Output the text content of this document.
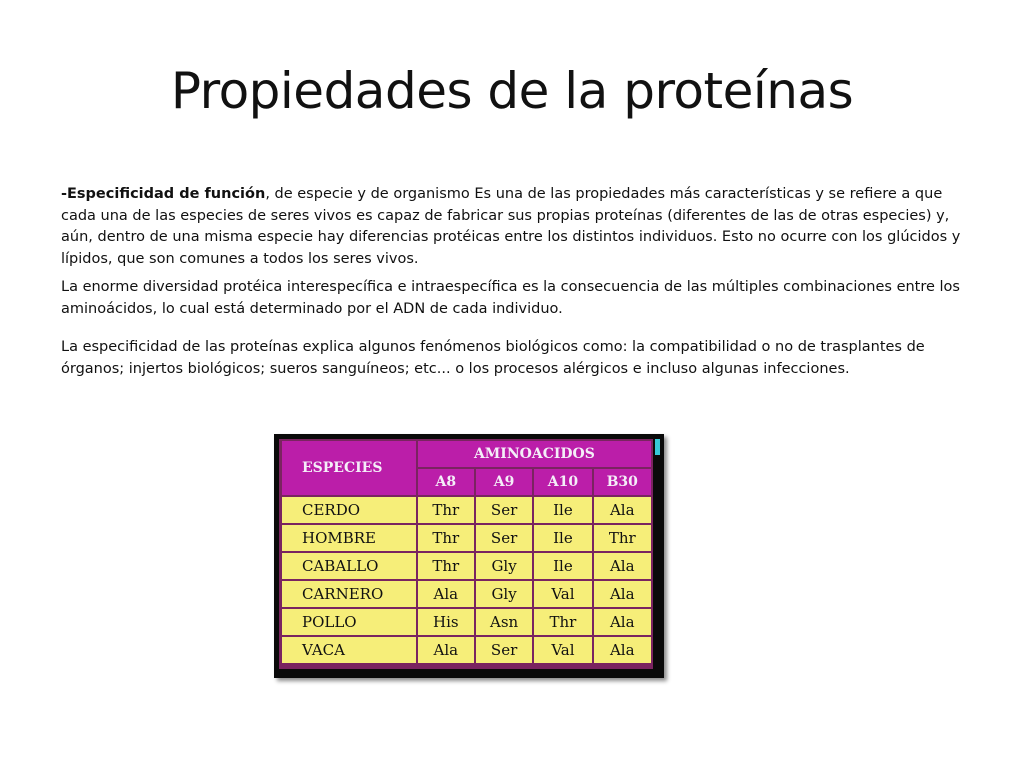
Propiedades de la proteínas

-Especificidad de función, de especie y de organismo Es una de las propiedades más características y se refiere a que cada una de las especies de seres vivos es capaz de fabricar sus propias proteínas (diferentes de las de otras especies) y, aún, dentro de una misma especie hay diferencias protéicas entre los distintos individuos. Esto no ocurre con los glúcidos y lípidos, que son comunes a todos los seres vivos.

La enorme diversidad protéica interespecífica e intraespecífica es la consecuencia de las múltiples combinaciones entre los aminoácidos, lo cual está determinado por el ADN de cada individuo.

La especificidad de las proteínas explica algunos fenómenos biológicos como: la compatibilidad o no de trasplantes de órganos; injertos biológicos; sueros sanguíneos; etc... o los procesos alérgicos e incluso algunas infecciones.

ESPECIES	AMINOACIDOS			
	A8	A9	A10	B30
CERDO	Thr	Ser	Ile	Ala
HOMBRE	Thr	Ser	Ile	Thr
CABALLO	Thr	Gly	Ile	Ala
CARNERO	Ala	Gly	Val	Ala
POLLO	His	Asn	Thr	Ala
VACA	Ala	Ser	Val	Ala
